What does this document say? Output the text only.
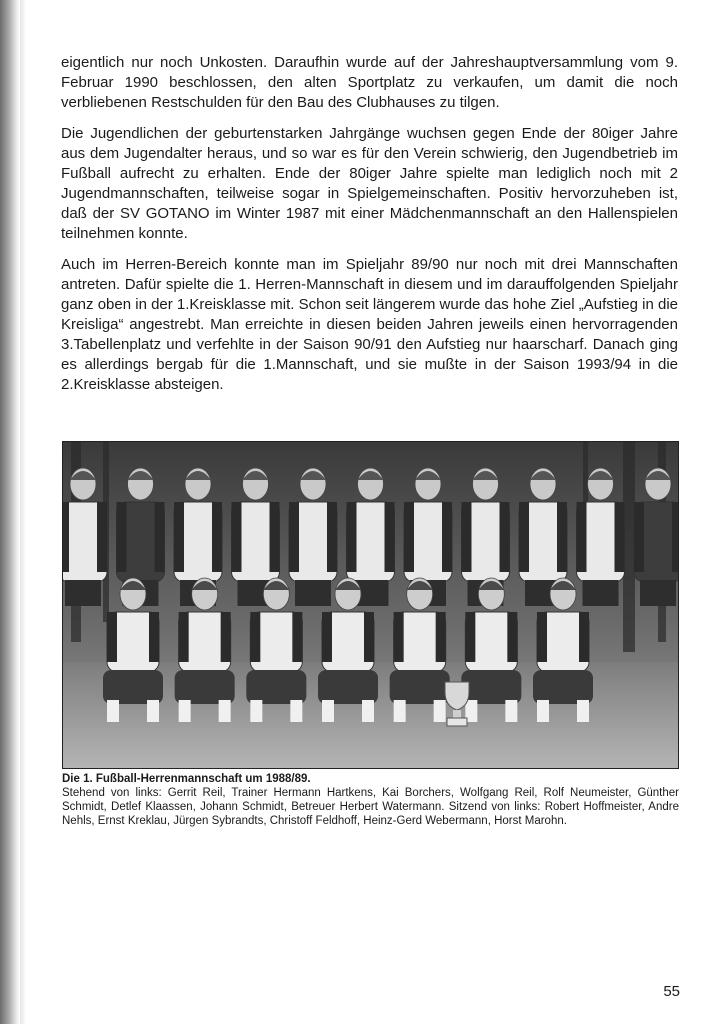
eigentlich nur noch Unkosten. Daraufhin wurde auf der Jahreshauptversammlung vom 9. Februar 1990 beschlossen, den alten Sportplatz zu verkaufen, um damit die noch verbliebenen Restschulden für den Bau des Clubhauses zu tilgen.

Die Jugendlichen der geburtenstarken Jahrgänge wuchsen gegen Ende der 80iger Jahre aus dem Jugendalter heraus, und so war es für den Verein schwierig, den Jugendbetrieb im Fußball aufrecht zu erhalten. Ende der 80iger Jahre spielte man lediglich noch mit 2 Jugendmannschaften, teilweise sogar in Spielgemeinschaften. Positiv hervorzuheben ist, daß der SV GOTANO im Winter 1987 mit einer Mädchenmannschaft an den Hallenspielen teilnehmen konnte.

Auch im Herren-Bereich konnte man im Spieljahr 89/90 nur noch mit drei Mannschaften antreten. Dafür spielte die 1. Herren-Mannschaft in diesem und im darauffolgenden Spieljahr ganz oben in der 1.Kreisklasse mit. Schon seit längerem wurde das hohe Ziel „Aufstieg in die Kreisliga“ angestrebt. Man erreichte in diesen beiden Jahren jeweils einen hervorragenden 3.Tabellenplatz und verfehlte in der Saison 90/91 den Aufstieg nur haarscharf. Danach ging es allerdings bergab für die 1.Mannschaft, und sie mußte in der Saison 1993/94 in die 2.Kreisklasse absteigen.

Die 1. Fußball-Herrenmannschaft um 1988/89.

Stehend von links: Gerrit Reil, Trainer Hermann Hartkens, Kai Borchers, Wolfgang Reil, Rolf Neumeister, Günther Schmidt, Detlef Klaassen, Johann Schmidt, Betreuer Herbert Watermann. Sitzend von links: Robert Hoffmeister, Andre Nehls, Ernst Kreklau, Jürgen Sybrandts, Christoff Feldhoff, Heinz-Gerd Webermann, Horst Marohn.

55
